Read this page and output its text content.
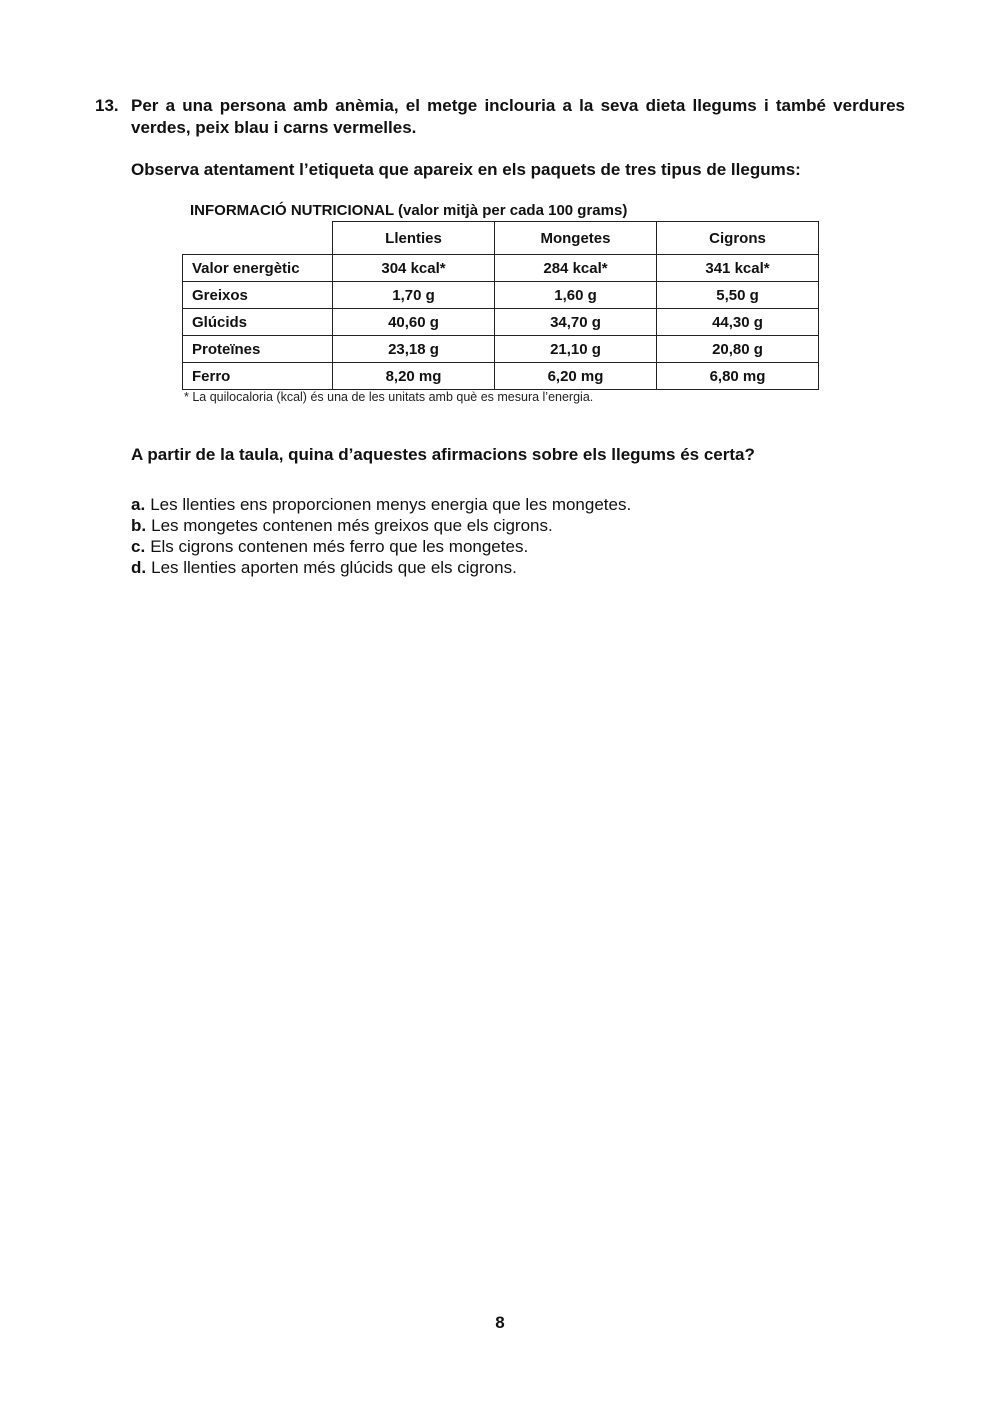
13. Per a una persona amb anèmia, el metge inclouria a la seva dieta llegums i també verdures verdes, peix blau i carns vermelles.
Observa atentament l’etiqueta que apareix en els paquets de tres tipus de llegums:
INFORMACIÓ NUTRICIONAL (valor mitjà per cada 100 grams)
	Llenties	Mongetes	Cigrons
Valor energètic	304 kcal*	284 kcal*	341 kcal*
Greixos	1,70 g	1,60 g	5,50 g
Glúcids	40,60 g	34,70 g	44,30 g
Proteïnes	23,18 g	21,10 g	20,80 g
Ferro	8,20 mg	6,20 mg	6,80 mg
* La quilocaloria (kcal) és una de les unitats amb què es mesura l’energia.
A partir de la taula, quina d’aquestes afirmacions sobre els llegums és certa?
a. Les llenties ens proporcionen menys energia que les mongetes.
b. Les mongetes contenen més greixos que els cigrons.
c. Els cigrons contenen més ferro que les mongetes.
d. Les llenties aporten més glúcids que els cigrons.
8
